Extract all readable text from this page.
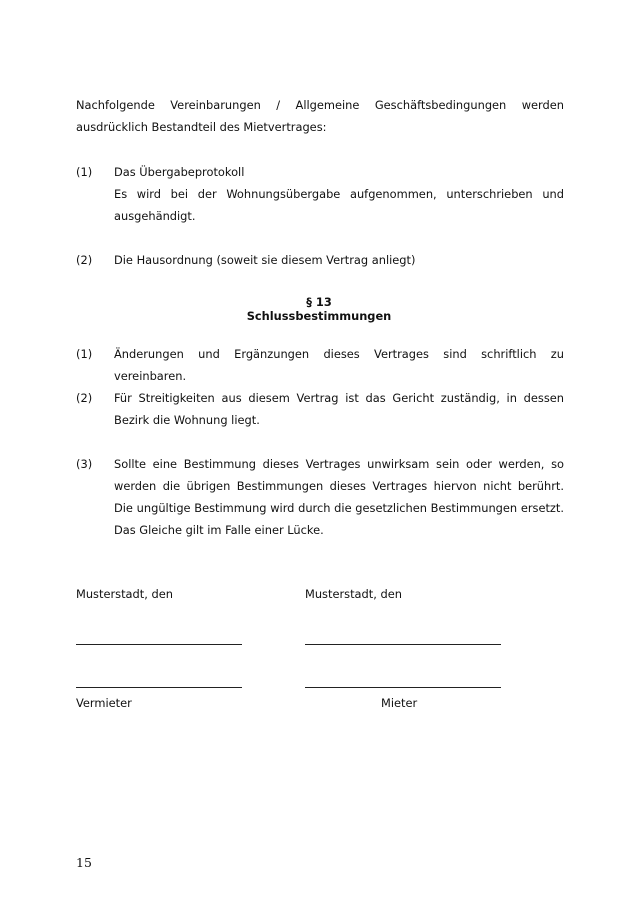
Nachfolgende Vereinbarungen / Allgemeine Geschäftsbedingungen werden ausdrücklich Bestandteil des Mietvertrages:
(1)	Das Übergabeprotokoll
Es wird bei der Wohnungsübergabe aufgenommen, unterschrieben und ausgehändigt.
(2)	Die Hausordnung (soweit sie diesem Vertrag anliegt)
§ 13
Schlussbestimmungen
(1)	Änderungen und Ergänzungen dieses Vertrages sind schriftlich zu vereinbaren.
(2)	Für Streitigkeiten aus diesem Vertrag ist das Gericht zuständig, in dessen Bezirk die Wohnung liegt.
(3)	Sollte eine Bestimmung dieses Vertrages unwirksam sein oder werden, so werden die übrigen Bestimmungen dieses Vertrages hiervon nicht berührt. Die ungültige Bestimmung wird durch die gesetzlichen Bestimmungen ersetzt. Das Gleiche gilt im Falle einer Lücke.
Musterstadt, den	Musterstadt, den
Vermieter	Mieter
15
